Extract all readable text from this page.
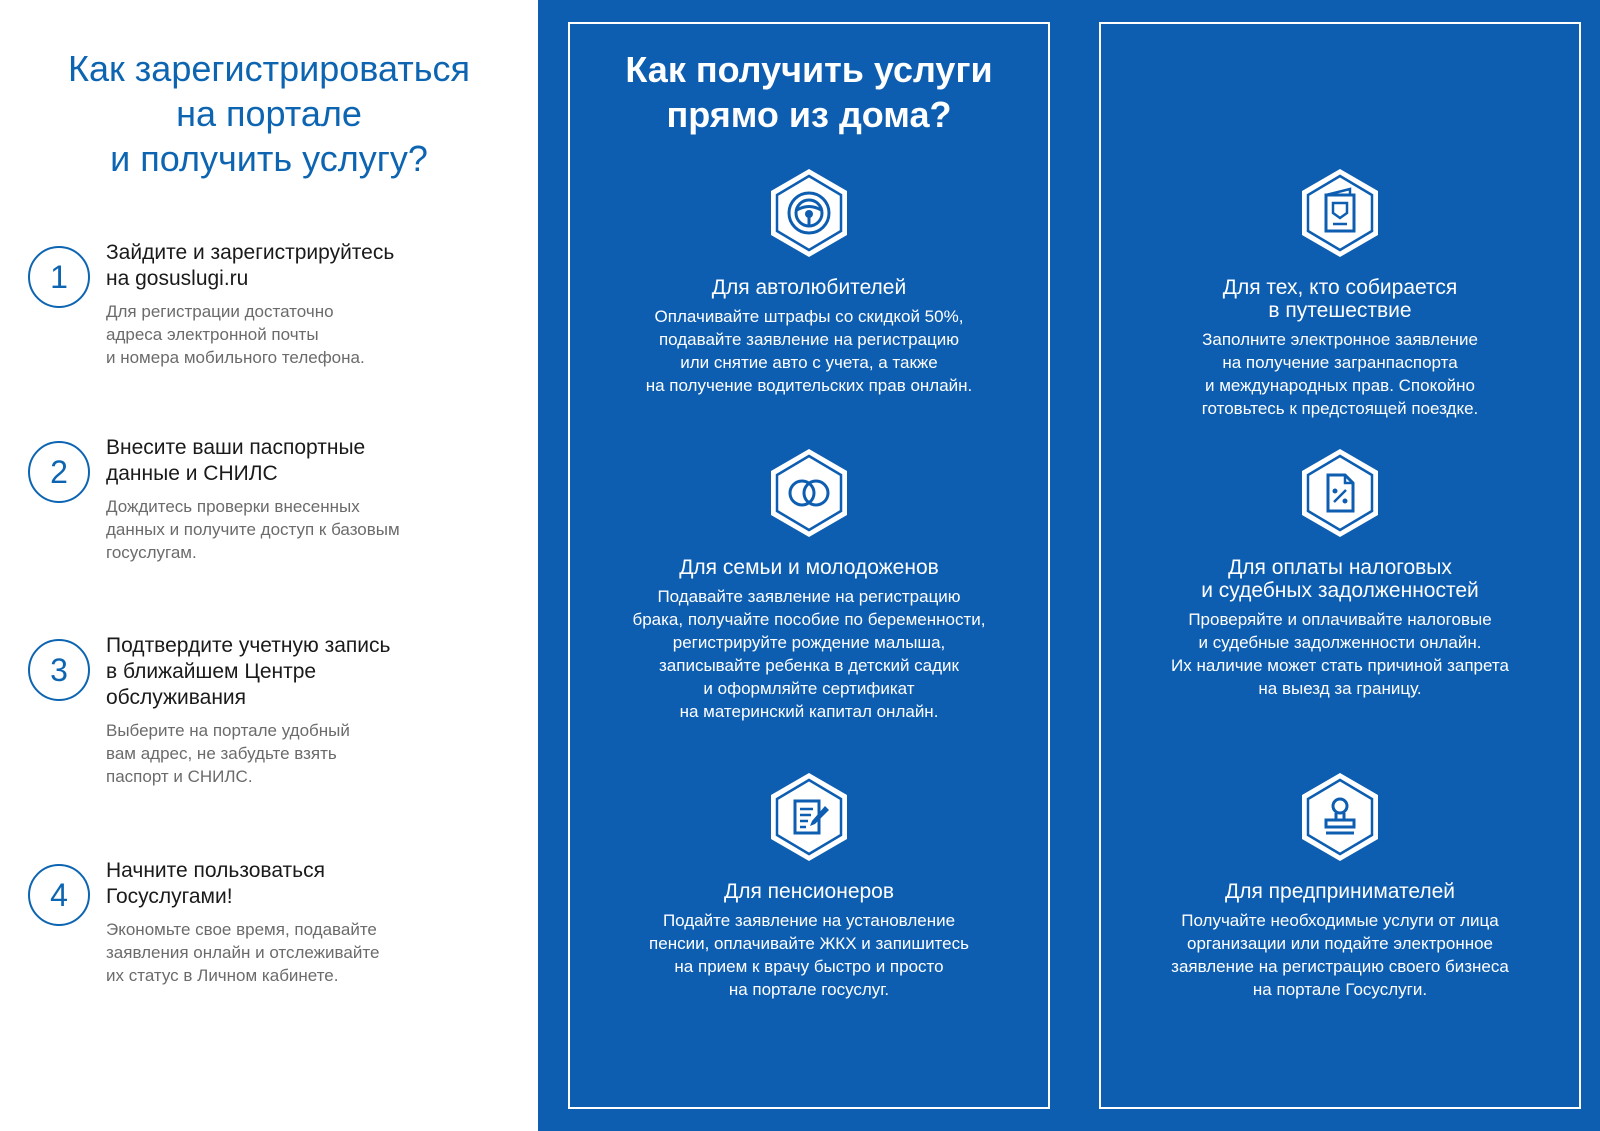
Как зарегистрироваться
на портале
и получить услугу?
1
Зайдите и зарегистрируйтесь
на gosuslugi.ru
Для регистрации достаточно
адреса электронной почты
и номера мобильного телефона.
2
Внесите ваши паспортные
данные и СНИЛС
Дождитесь проверки внесенных
данных и получите доступ к базовым
госуслугам.
3
Подтвердите учетную запись
в ближайшем Центре
обслуживания
Выберите на портале удобный
вам адрес, не забудьте взять
паспорт и СНИЛС.
4
Начните пользоваться
Госуслугами!
Экономьте свое время, подавайте
заявления онлайн и отслеживайте
их статус в Личном кабинете.
Как получить услуги
прямо из дома?
Для автолюбителей
Оплачивайте штрафы со скидкой 50%,
подавайте заявление на регистрацию
или снятие авто с учета, а также
на получение водительских прав онлайн.
Для тех, кто собирается
в путешествие
Заполните электронное заявление
на получение загранпаспорта
и международных прав. Спокойно
готовьтесь к предстоящей поездке.
Для семьи и молодоженов
Подавайте заявление на регистрацию
брака, получайте пособие по беременности,
регистрируйте рождение малыша,
записывайте ребенка в детский садик
и оформляйте сертификат
на материнский капитал онлайн.
Для оплаты налоговых
и судебных задолженностей
Проверяйте и оплачивайте налоговые
и судебные задолженности онлайн.
Их наличие может стать причиной запрета
на выезд за границу.
Для пенсионеров
Подайте заявление на установление
пенсии, оплачивайте ЖКХ и запишитесь
на прием к врачу быстро и просто
на портале госуслуг.
Для предпринимателей
Получайте необходимые услуги от лица
организации или подайте электронное
заявление на регистрацию своего бизнеса
на портале Госуслуги.
